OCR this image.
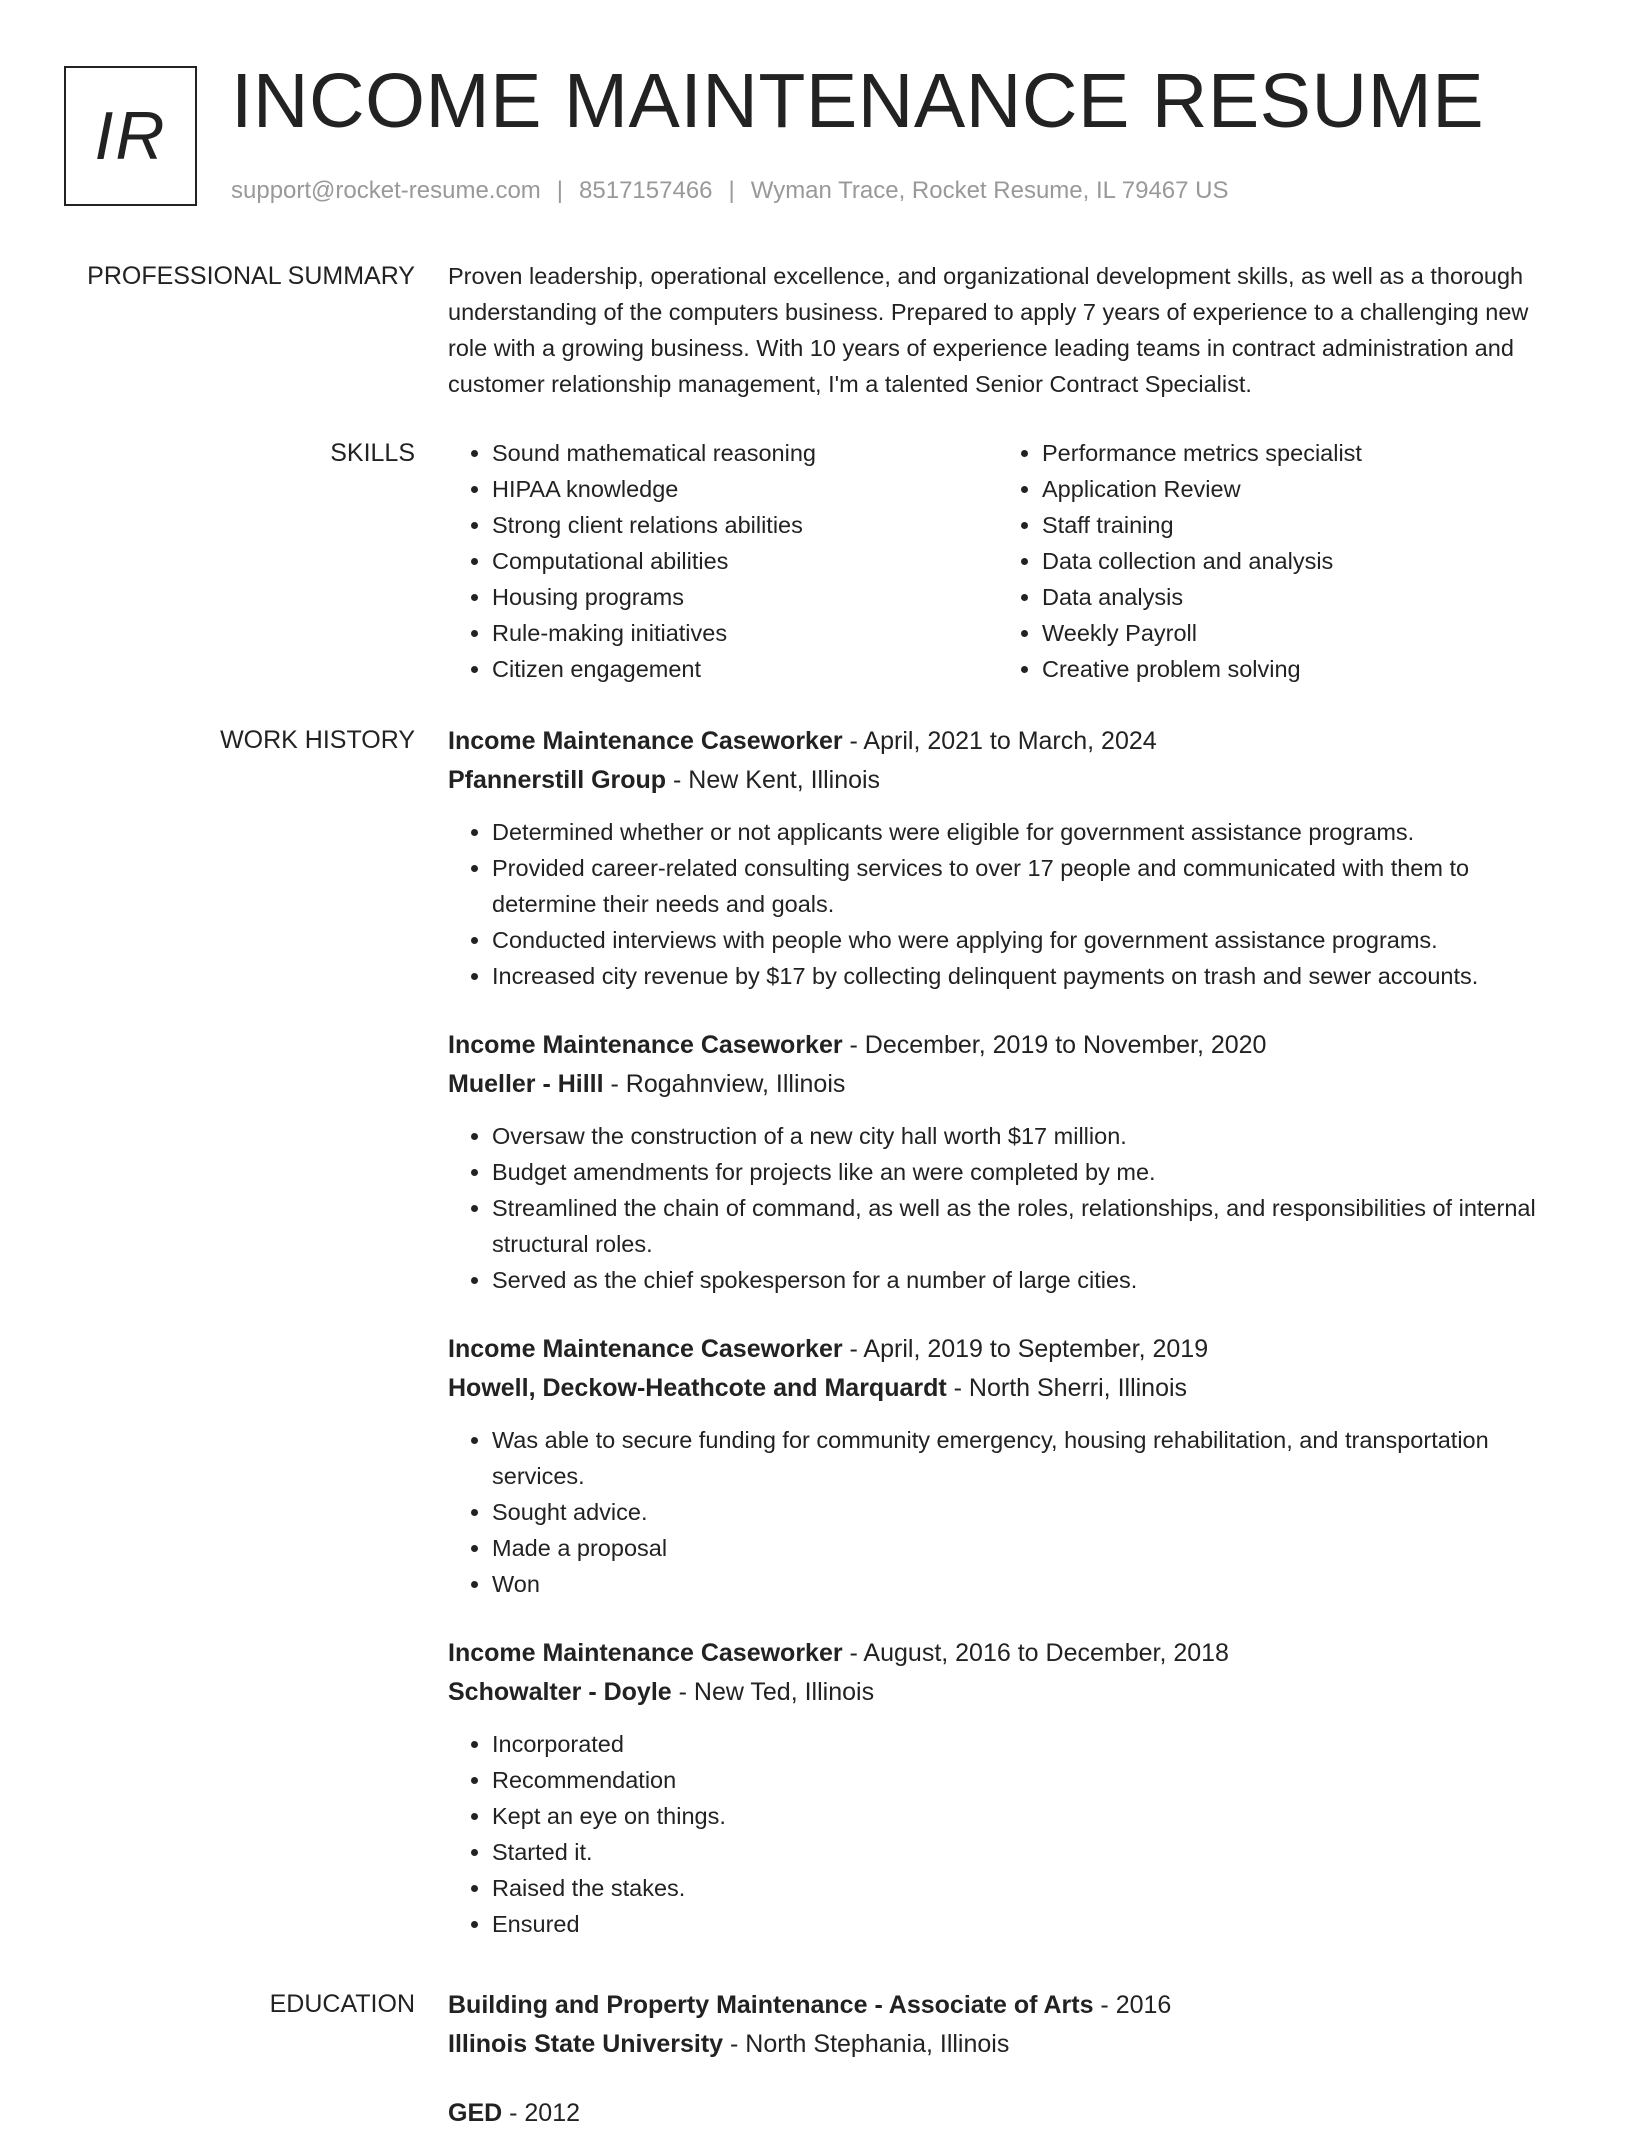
IR INCOME MAINTENANCE RESUME
support@rocket-resume.com | 8517157466 | Wyman Trace, Rocket Resume, IL 79467 US
PROFESSIONAL SUMMARY Proven leadership, operational excellence, and organizational development skills, as well as a thorough understanding of the computers business. Prepared to apply 7 years of experience to a challenging new role with a growing business. With 10 years of experience leading teams in contract administration and customer relationship management, I'm a talented Senior Contract Specialist.

SKILLS
•	Sound mathematical reasoning
• HIPAA knowledge
• Strong client relations abilities
• Computational abilities
• Housing programs
• Rule-making initiatives
• Citizen engagement
• Performance metrics specialist
• Application Review
• Staff training
• Data collection and analysis
• Data analysis
• Weekly Payroll
• Creative problem solving
WORK HISTORY Income Maintenance Caseworker - April, 2021 to March, 2024
Pfannerstill Group - New Kent, Illinois
• Determined whether or not applicants were eligible for government assistance programs.
• Provided career-related consulting services to over 17 people and communicated with them to determine their needs and goals.
• Conducted interviews with people who were applying for government assistance programs.
• Increased city revenue by $17 by collecting delinquent payments on trash and sewer accounts.
Income Maintenance Caseworker - December, 2019 to November, 2020
Mueller - Hilll - Rogahnview, Illinois
• Oversaw the construction of a new city hall worth $17 million.
• Budget amendments for projects like an were completed by me.
• Streamlined the chain of command, as well as the roles, relationships, and responsibilities of internal structural roles.
• Served as the chief spokesperson for a number of large cities.
Income Maintenance Caseworker - April, 2019 to September, 2019
Howell, Deckow-Heathcote and Marquardt - North Sherri, Illinois
• Was able to secure funding for community emergency, housing rehabilitation, and transportation services.
• Sought advice.
• Made a proposal
• Won
Income Maintenance Caseworker - August, 2016 to December, 2018
Schowalter - Doyle - New Ted, Illinois
• Incorporated
• Recommendation
• Kept an eye on things.
• Started it.
• Raised the stakes.
• Ensured
EDUCATION Building and Property Maintenance - Associate of Arts - 2016
Illinois State University - North Stephania, Illinois
GED - 2012
